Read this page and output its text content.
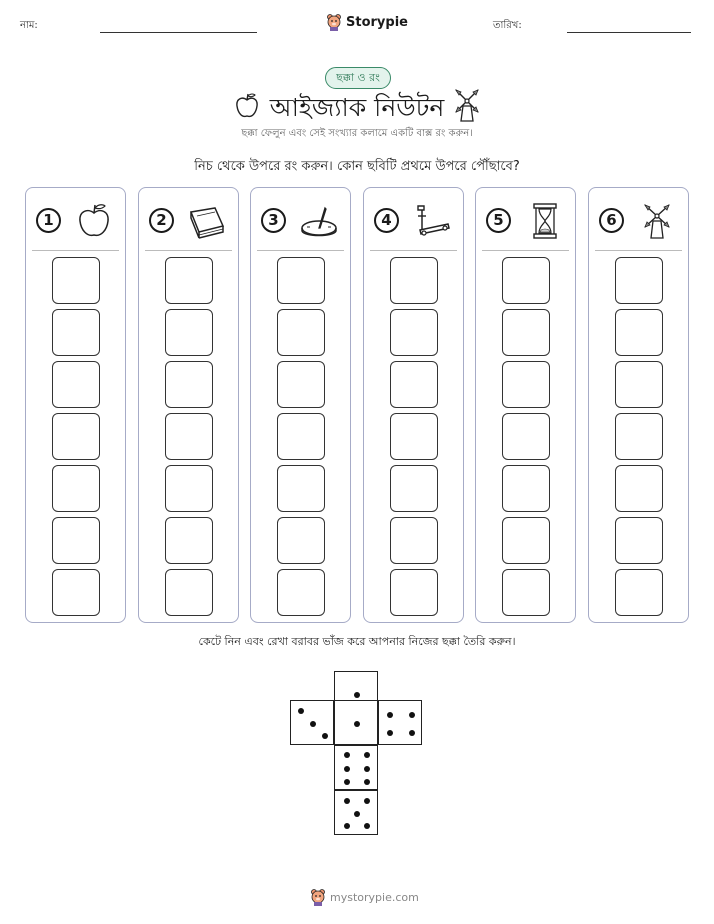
নাম:	Storypie	তারিখ:
ছক্কা ও রং
আইজ্যাক নিউটন
ছক্কা ফেলুন এবং সেই সংখ্যার কলামে একটি বাক্স রং করুন।
নিচ থেকে উপরে রং করুন। কোন ছবিটি প্রথমে উপরে পৌঁছাবে?
1	2	3	4	5	6
কেটে নিন এবং রেখা বরাবর ভাঁজ করে আপনার নিজের ছক্কা তৈরি করুন।
mystorypie.com
